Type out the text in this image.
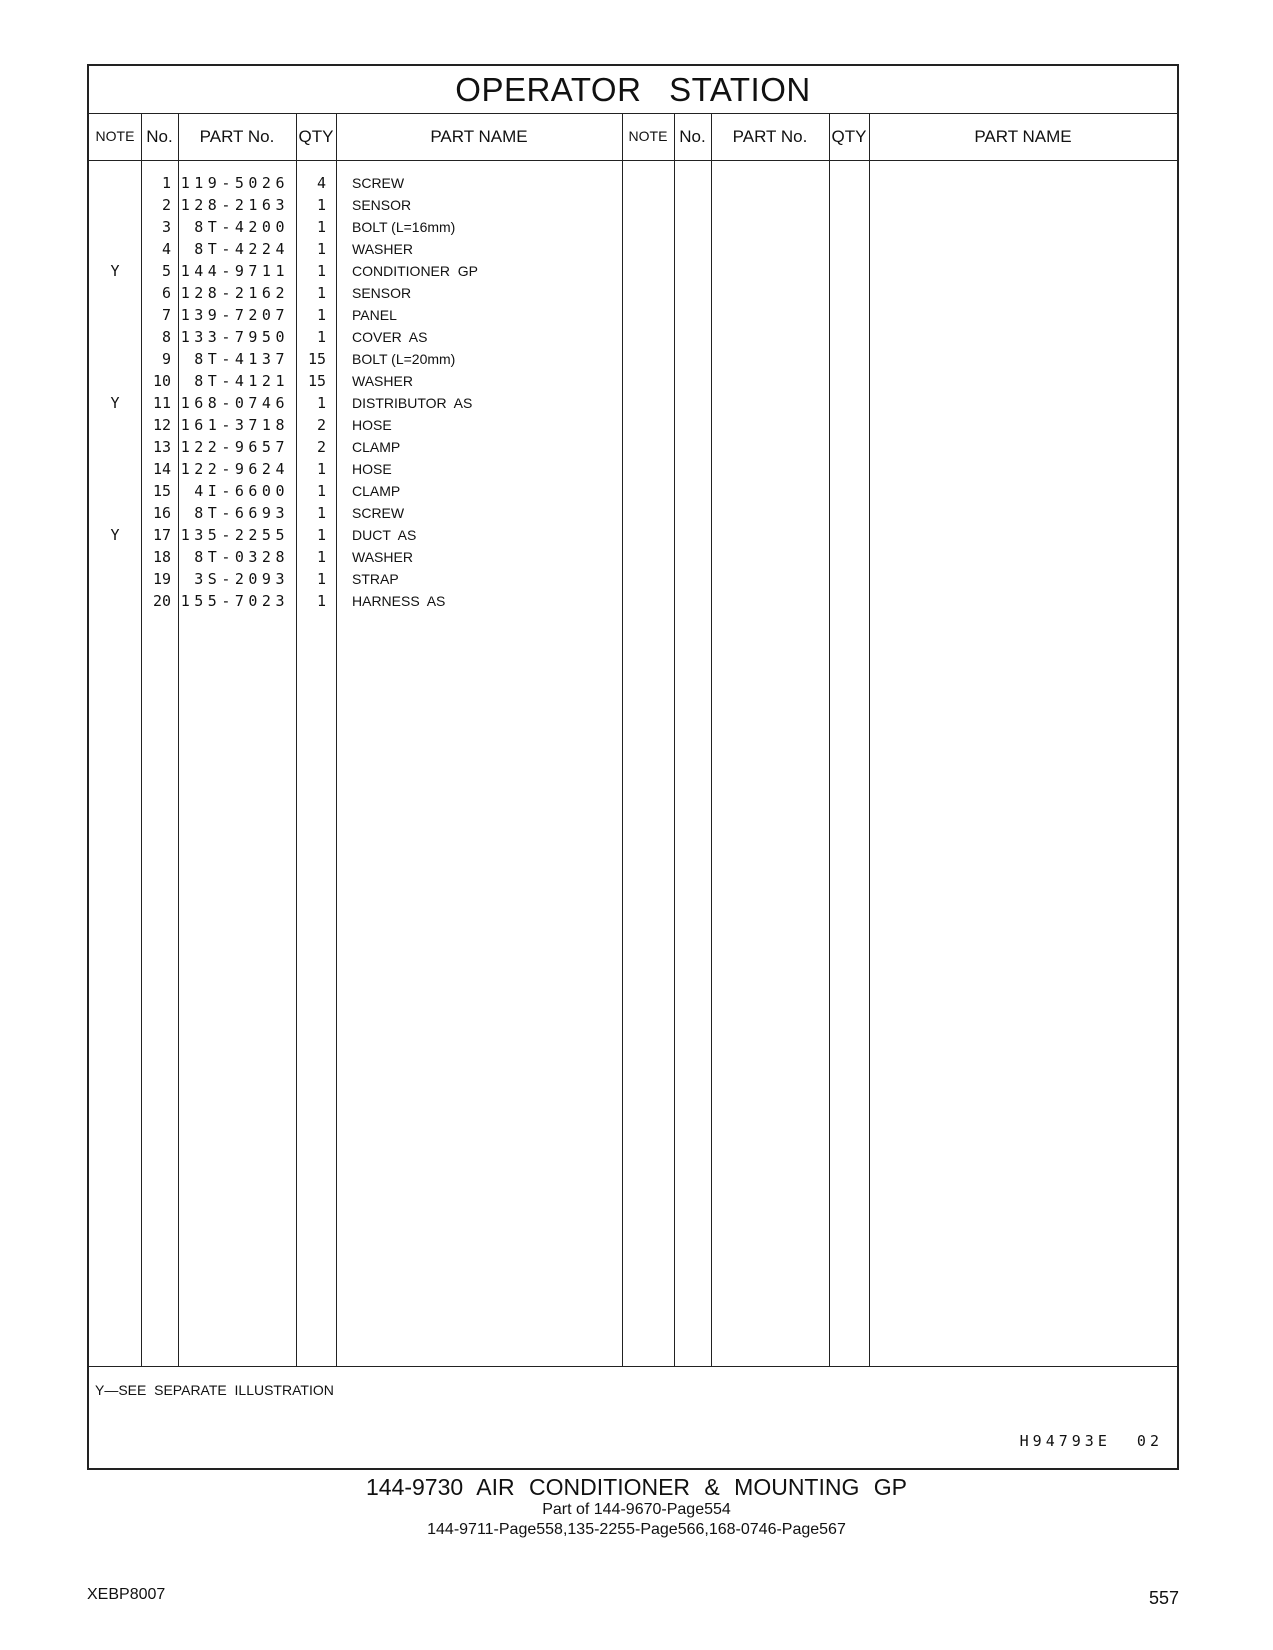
OPERATOR STATION
NOTE No.	PART No.	QTY	PART NAME	NOTE No.	PART No.	QTY	PART NAME
1 119-5026	4 SCREW
2 128-2163	1 SENSOR
3	8T-4200	1 BOLT (L=16mm)
4	8T-4224	1 WASHER
Y	5 144-9711	1 CONDITIONER  GP
6 128-2162	1 SENSOR
7 139-7207	1 PANEL
8 133-7950	1 COVER  AS
9	8T-4137	15 BOLT (L=20mm)
10	8T-4121	15 WASHER
Y	11 168-0746	1 DISTRIBUTOR  AS
12 161-3718	2 HOSE
13 122-9657	2 CLAMP
14 122-9624	1 HOSE
15	4I-6600	1 CLAMP
16	8T-6693	1 SCREW
Y	17 135-2255	1 DUCT  AS
18	8T-0328	1 WASHER
19	3S-2093	1 STRAP
20 155-7023	1 HARNESS  AS
Y—SEE  SEPARATE  ILLUSTRATION
H94793E  02
144-9730 AIR CONDITIONER & MOUNTING GP
Part of 144-9670-Page554
144-9711-Page558,135-2255-Page566,168-0746-Page567
XEBP8007	557
